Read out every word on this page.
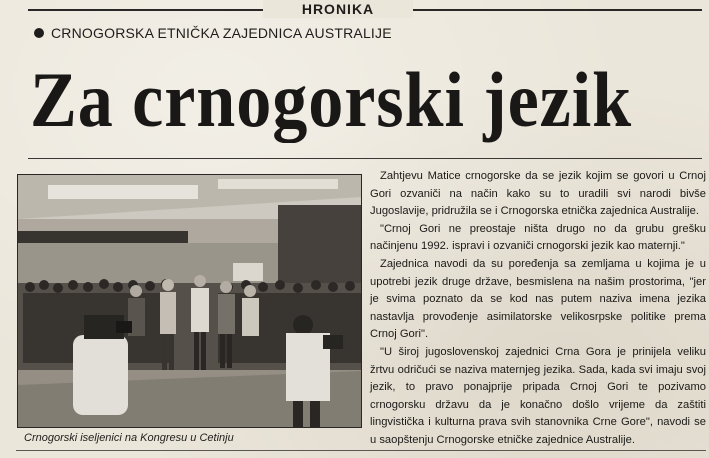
HRONIKA
CRNOGORSKA ETNIČKA ZAJEDNICA AUSTRALIJE
Za crnogorski jezik
Crnogorski iseljenici na Kongresu u Cetinju

Zahtjevu Matice crnogorske da se jezik kojim se govori u Crnoj Gori ozvaniči na način kako su to uradili svi narodi bivše Jugoslavije, pridružila se i Crnogorska etnička zajednica Australije.

"Crnoj Gori ne preostaje ništa drugo no da grubu grešku načinjenu 1992. ispravi i ozvaniči crnogorski jezik kao maternji."

Zajednica navodi da su poređenja sa zemljama u kojima je u upotrebi jezik druge države, besmislena na našim prostorima, "jer je svima poznato da se kod nas putem naziva imena jezika nastavlja provođenje asimilatorske velikosrpske politike prema Crnoj Gori".

"U široj jugoslovenskoj zajednici Crna Gora je prinijela veliku žrtvu odričući se naziva maternjeg jezika. Sada, kada svi imaju svoj jezik, to pravo ponajprije pripada Crnoj Gori te pozivamo crnogorsku državu da je konačno došlo vrijeme da zaštiti lingvistička i kulturna prava svih stanovnika Crne Gore", navodi se u saopštenju Crnogorske etničke zajednice Australije.
